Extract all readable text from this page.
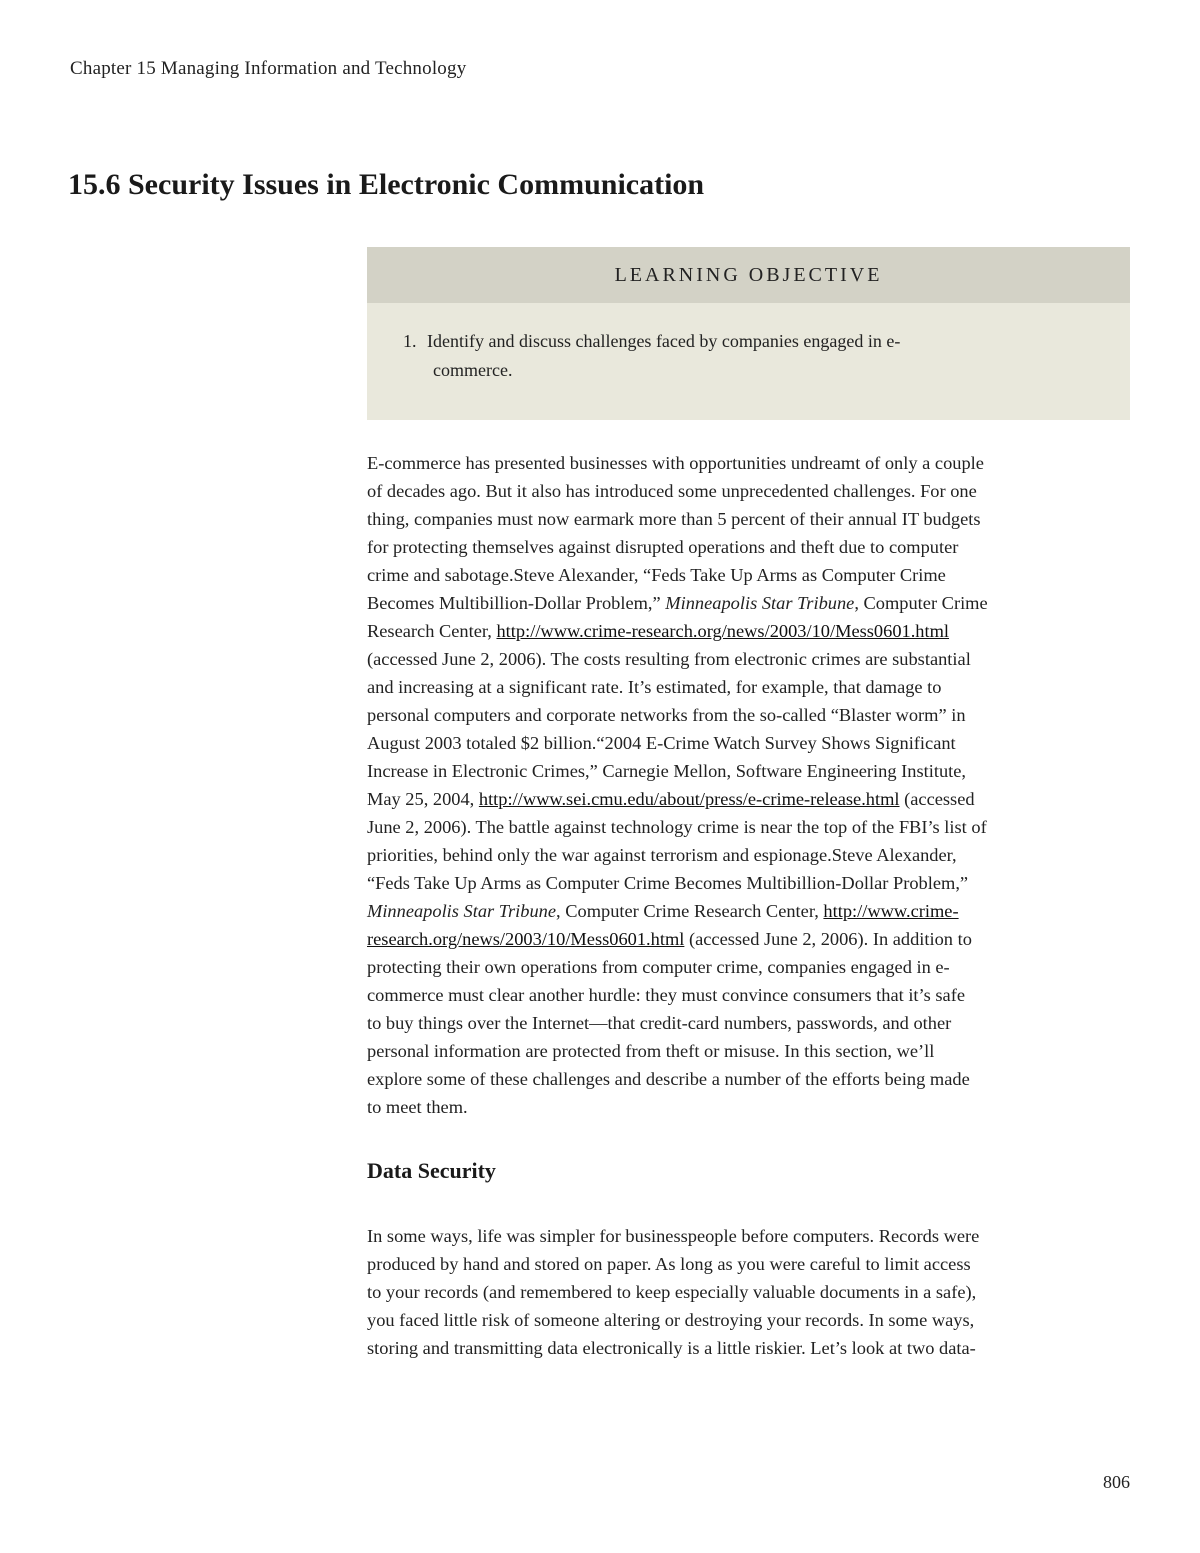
Chapter 15 Managing Information and Technology
15.6 Security Issues in Electronic Communication
LEARNING OBJECTIVE
1. Identify and discuss challenges faced by companies engaged in e-
commerce.
E-commerce has presented businesses with opportunities undreamt of only a couple
of decades ago. But it also has introduced some unprecedented challenges. For one
thing, companies must now earmark more than 5 percent of their annual IT budgets
for protecting themselves against disrupted operations and theft due to computer
crime and sabotage.Steve Alexander, “Feds Take Up Arms as Computer Crime
Becomes Multibillion-Dollar Problem,” Minneapolis Star Tribune, Computer Crime
Research Center, http://www.crime-research.org/news/2003/10/Mess0601.html
(accessed June 2, 2006). The costs resulting from electronic crimes are substantial
and increasing at a significant rate. It’s estimated, for example, that damage to
personal computers and corporate networks from the so-called “Blaster worm” in
August 2003 totaled $2 billion.“2004 E-Crime Watch Survey Shows Significant
Increase in Electronic Crimes,” Carnegie Mellon, Software Engineering Institute,
May 25, 2004, http://www.sei.cmu.edu/about/press/e-crime-release.html (accessed
June 2, 2006). The battle against technology crime is near the top of the FBI’s list of
priorities, behind only the war against terrorism and espionage.Steve Alexander,
“Feds Take Up Arms as Computer Crime Becomes Multibillion-Dollar Problem,”
Minneapolis Star Tribune, Computer Crime Research Center, http://www.crime-
research.org/news/2003/10/Mess0601.html (accessed June 2, 2006). In addition to
protecting their own operations from computer crime, companies engaged in e-
commerce must clear another hurdle: they must convince consumers that it’s safe
to buy things over the Internet—that credit-card numbers, passwords, and other
personal information are protected from theft or misuse. In this section, we’ll
explore some of these challenges and describe a number of the efforts being made
to meet them.
Data Security
In some ways, life was simpler for businesspeople before computers. Records were
produced by hand and stored on paper. As long as you were careful to limit access
to your records (and remembered to keep especially valuable documents in a safe),
you faced little risk of someone altering or destroying your records. In some ways,
storing and transmitting data electronically is a little riskier. Let’s look at two data-
806
